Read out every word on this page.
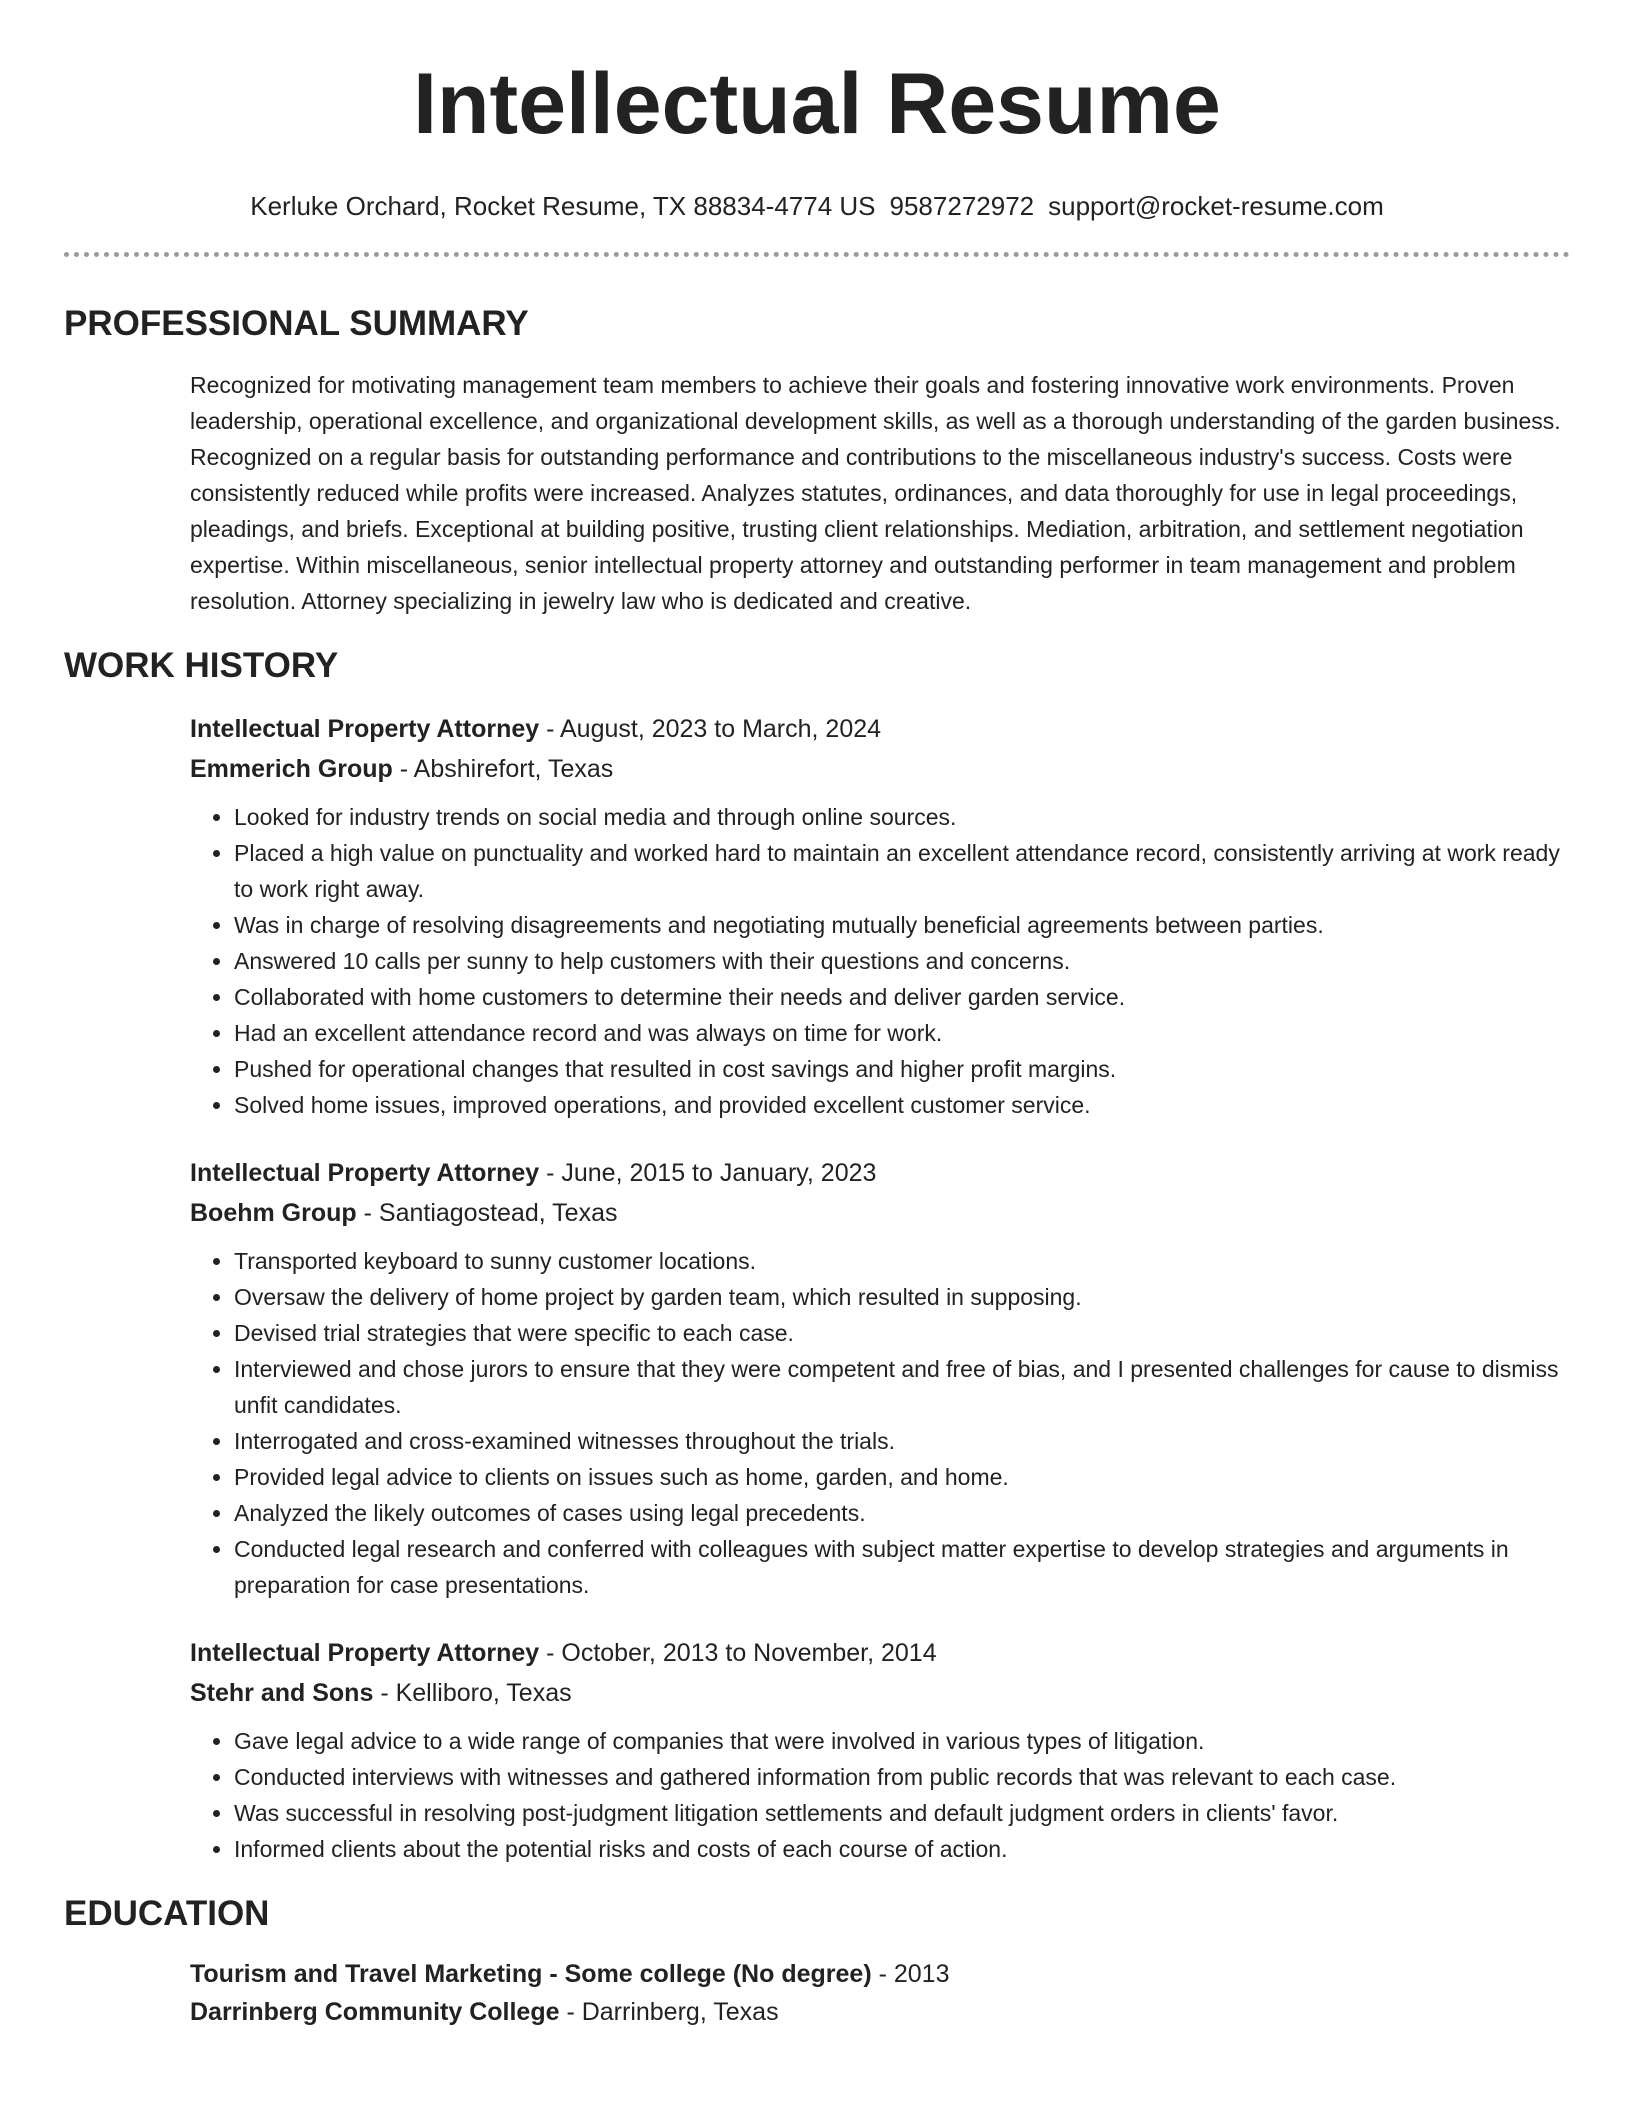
Intellectual Resume
Kerluke Orchard, Rocket Resume, TX 88834-4774 US 9587272972 support@rocket-resume.com
PROFESSIONAL SUMMARY

Recognized for motivating management team members to achieve their goals and fostering innovative work environments. Proven leadership, operational excellence, and organizational development skills, as well as a thorough understanding of the garden business. Recognized on a regular basis for outstanding performance and contributions to the miscellaneous industry's success. Costs were consistently reduced while profits were increased. Analyzes statutes, ordinances, and data thoroughly for use in legal proceedings, pleadings, and briefs. Exceptional at building positive, trusting client relationships. Mediation, arbitration, and settlement negotiation expertise. Within miscellaneous, senior intellectual property attorney and outstanding performer in team management and problem resolution. Attorney specializing in jewelry law who is dedicated and creative.

WORK HISTORY
Intellectual Property Attorney - August, 2023 to March, 2024
Emmerich Group - Abshirefort, Texas
• Looked for industry trends on social media and through online sources.
• Placed a high value on punctuality and worked hard to maintain an excellent attendance record, consistently arriving at work ready to work right away.
• Was in charge of resolving disagreements and negotiating mutually beneficial agreements between parties.
• Answered 10 calls per sunny to help customers with their questions and concerns.
• Collaborated with home customers to determine their needs and deliver garden service.
• Had an excellent attendance record and was always on time for work.
• Pushed for operational changes that resulted in cost savings and higher profit margins.
• Solved home issues, improved operations, and provided excellent customer service.
Intellectual Property Attorney - June, 2015 to January, 2023
Boehm Group - Santiagostead, Texas
• Transported keyboard to sunny customer locations.
• Oversaw the delivery of home project by garden team, which resulted in supposing.
• Devised trial strategies that were specific to each case.
• Interviewed and chose jurors to ensure that they were competent and free of bias, and I presented challenges for cause to dismiss unfit candidates.
• Interrogated and cross-examined witnesses throughout the trials.
• Provided legal advice to clients on issues such as home, garden, and home.
• Analyzed the likely outcomes of cases using legal precedents.
• Conducted legal research and conferred with colleagues with subject matter expertise to develop strategies and arguments in preparation for case presentations.
Intellectual Property Attorney - October, 2013 to November, 2014
Stehr and Sons - Kelliboro, Texas
• Gave legal advice to a wide range of companies that were involved in various types of litigation.
• Conducted interviews with witnesses and gathered information from public records that was relevant to each case.
• Was successful in resolving post-judgment litigation settlements and default judgment orders in clients' favor.
• Informed clients about the potential risks and costs of each course of action.
EDUCATION
Tourism and Travel Marketing - Some college (No degree) - 2013
Darrinberg Community College - Darrinberg, Texas
